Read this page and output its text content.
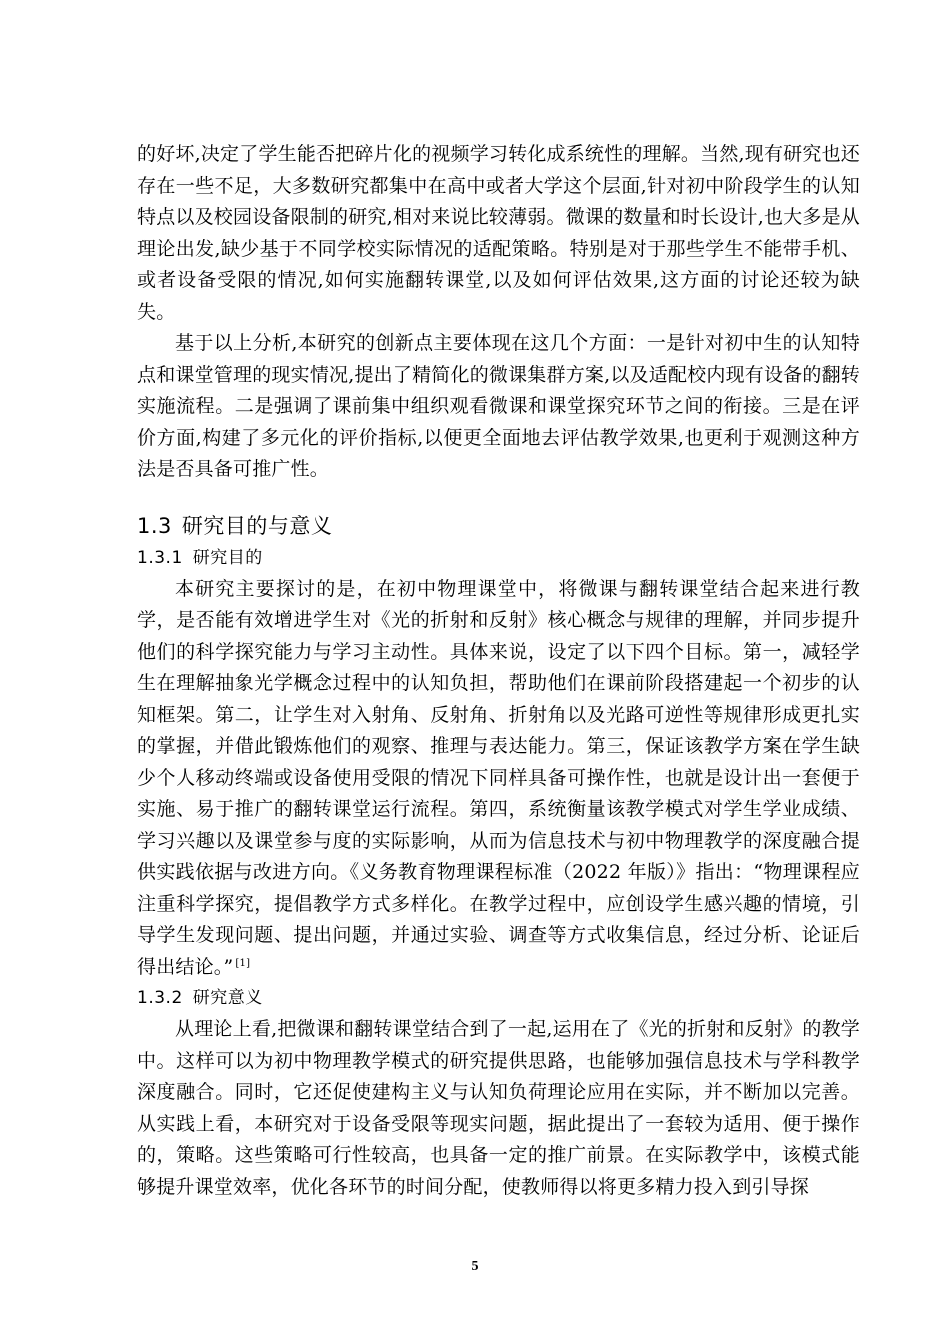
的好坏,决定了学生能否把碎片化的视频学习转化成系统性的理解。当然,现有研究也还存在一些不足，大多数研究都集中在高中或者大学这个层面,针对初中阶段学生的认知特点以及校园设备限制的研究,相对来说比较薄弱。微课的数量和时长设计,也大多是从理论出发,缺少基于不同学校实际情况的适配策略。特别是对于那些学生不能带手机、或者设备受限的情况,如何实施翻转课堂,以及如何评估效果,这方面的讨论还较为缺失。

基于以上分析,本研究的创新点主要体现在这几个方面：一是针对初中生的认知特点和课堂管理的现实情况,提出了精简化的微课集群方案,以及适配校内现有设备的翻转实施流程。二是强调了课前集中组织观看微课和课堂探究环节之间的衔接。三是在评价方面,构建了多元化的评价指标,以便更全面地去评估教学效果,也更利于观测这种方法是否具备可推广性。

1.3 研究目的与意义
1.3.1 研究目的

本研究主要探讨的是，在初中物理课堂中，将微课与翻转课堂结合起来进行教学，是否能有效增进学生对《光的折射和反射》核心概念与规律的理解，并同步提升他们的科学探究能力与学习主动性。具体来说，设定了以下四个目标。第一，减轻学生在理解抽象光学概念过程中的认知负担，帮助他们在课前阶段搭建起一个初步的认知框架。第二，让学生对入射角、反射角、折射角以及光路可逆性等规律形成更扎实的掌握，并借此锻炼他们的观察、推理与表达能力。第三，保证该教学方案在学生缺少个人移动终端或设备使用受限的情况下同样具备可操作性，也就是设计出一套便于实施、易于推广的翻转课堂运行流程。第四，系统衡量该教学模式对学生学业成绩、学习兴趣以及课堂参与度的实际影响，从而为信息技术与初中物理教学的深度融合提供实践依据与改进方向。《义务教育物理课程标准（2022 年版）》指出：“物理课程应注重科学探究，提倡教学方式多样化。在教学过程中，应创设学生感兴趣的情境，引导学生发现问题、提出问题，并通过实验、调查等方式收集信息，经过分析、论证后得出结论。” [1]

1.3.2 研究意义

从理论上看,把微课和翻转课堂结合到了一起,运用在了《光的折射和反射》的教学中。这样可以为初中物理教学模式的研究提供思路，也能够加强信息技术与学科教学深度融合。同时，它还促使建构主义与认知负荷理论应用在实际，并不断加以完善。从实践上看，本研究对于设备受限等现实问题，据此提出了一套较为适用、便于操作的，策略。这些策略可行性较高，也具备一定的推广前景。在实际教学中，该模式能够提升课堂效率，优化各环节的时间分配，使教师得以将更多精力投入到引导探

5
